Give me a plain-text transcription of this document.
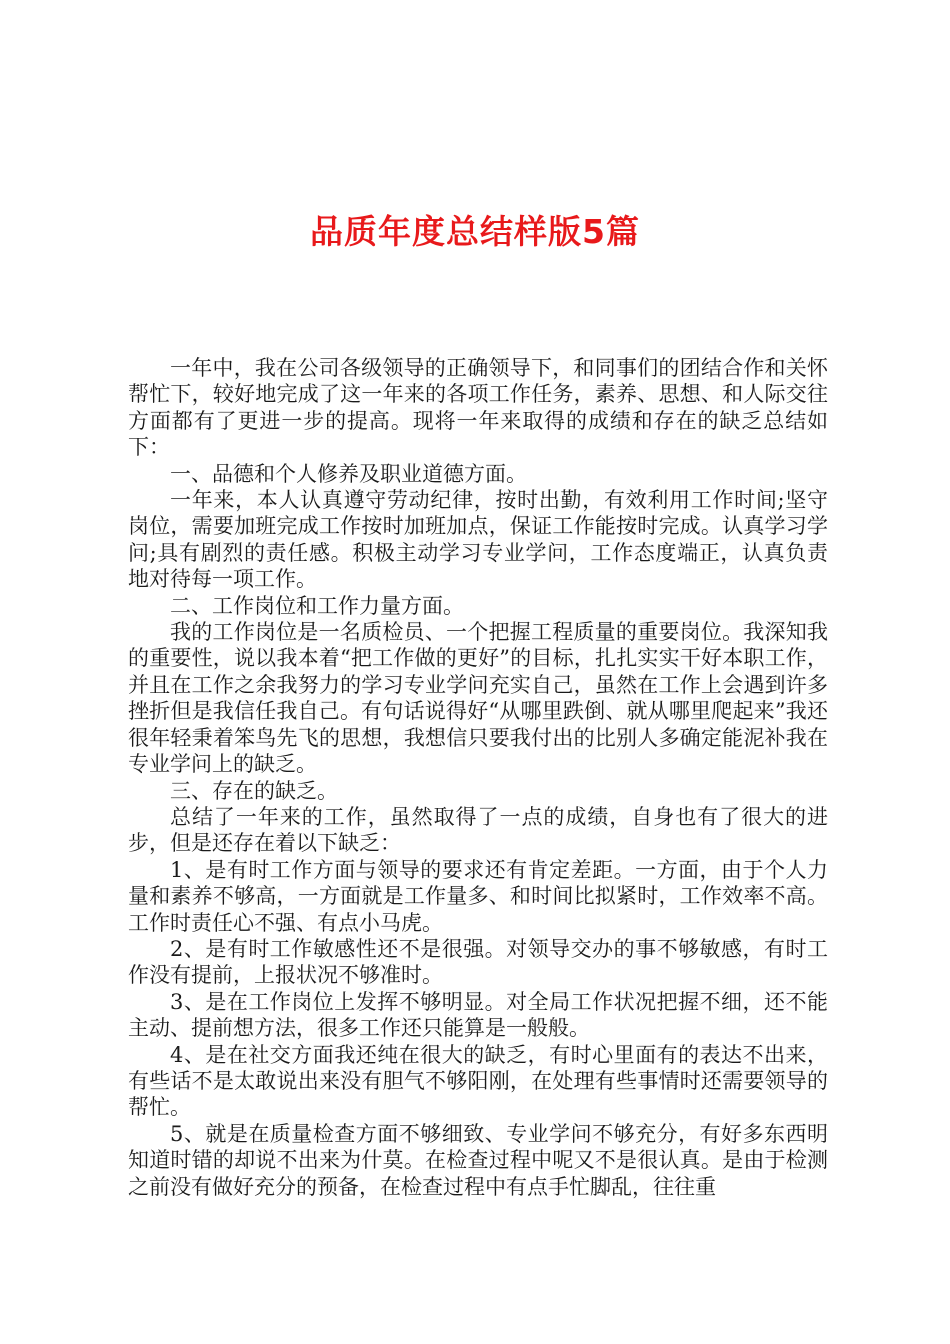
品质年度总结样版5篇

一年中，我在公司各级领导的正确领导下，和同事们的团结合作和关怀帮忙下，较好地完成了这一年来的各项工作任务，素养、思想、和人际交往方面都有了更进一步的提高。现将一年来取得的成绩和存在的缺乏总结如下：

一、品德和个人修养及职业道德方面。

一年来，本人认真遵守劳动纪律，按时出勤，有效利用工作时间;坚守岗位，需要加班完成工作按时加班加点，保证工作能按时完成。认真学习学问;具有剧烈的责任感。积极主动学习专业学问，工作态度端正，认真负责地对待每一项工作。

二、工作岗位和工作力量方面。

我的工作岗位是一名质检员、一个把握工程质量的重要岗位。我深知我的重要性，说以我本着“把工作做的更好”的目标，扎扎实实干好本职工作，并且在工作之余我努力的学习专业学问充实自己，虽然在工作上会遇到许多挫折但是我信任我自己。有句话说得好“从哪里跌倒、就从哪里爬起来”我还很年轻秉着笨鸟先飞的思想，我想信只要我付出的比别人多确定能泥补我在专业学问上的缺乏。

三、存在的缺乏。

总结了一年来的工作，虽然取得了一点的成绩，自身也有了很大的进步，但是还存在着以下缺乏：

1、是有时工作方面与领导的要求还有肯定差距。一方面，由于个人力量和素养不够高，一方面就是工作量多、和时间比拟紧时，工作效率不高。工作时责任心不强、有点小马虎。

2、是有时工作敏感性还不是很强。对领导交办的事不够敏感，有时工作没有提前，上报状况不够准时。

3、是在工作岗位上发挥不够明显。对全局工作状况把握不细，还不能主动、提前想方法，很多工作还只能算是一般般。

4、是在社交方面我还纯在很大的缺乏，有时心里面有的表达不出来，有些话不是太敢说出来没有胆气不够阳刚，在处理有些事情时还需要领导的帮忙。

5、就是在质量检查方面不够细致、专业学问不够充分，有好多东西明知道时错的却说不出来为什莫。在检查过程中呢又不是很认真。是由于检测之前没有做好充分的预备，在检查过程中有点手忙脚乱，往往重
